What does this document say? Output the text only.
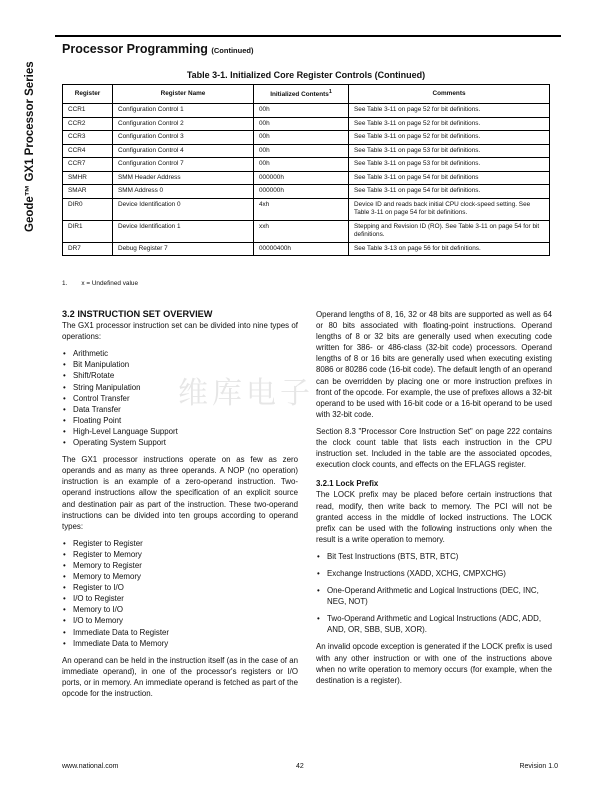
Geode™ GX1 Processor Series
Processor Programming (Continued)
Table 3-1. Initialized Core Register Controls (Continued)
Register	Register Name	Initialized Contents$^1$	Comments
CCR1	Configuration Control 1	00h	See Table 3-11 on page 52 for bit definitions.
CCR2	Configuration Control 2	00h	See Table 3-11 on page 52 for bit definitions.
CCR3	Configuration Control 3	00h	See Table 3-11 on page 52 for bit definitions.
CCR4	Configuration Control 4	00h	See Table 3-11 on page 53 for bit definitions.
CCR7	Configuration Control 7	00h	See Table 3-11 on page 53 for bit definitions.
SMHR	SMM Header Address	000000h	See Table 3-11 on page 54 for bit definitions
SMAR	SMM Address 0	000000h	See Table 3-11 on page 54 for bit definitions.
DIR0	Device Identification 0	4xh	Device ID and reads back initial CPU clock-speed setting. See Table 3-11 on page 54 for bit definitions.
DIR1	Device Identification 1	xxh	Stepping and Revision ID (RO). See Table 3-11 on page 54 for bit definitions.
DR7	Debug Register 7	00000400h	See Table 3-13 on page 56 for bit definitions.
1. x = Undefined value
维库电子
3.2 INSTRUCTION SET OVERVIEW

The GX1 processor instruction set can be divided into nine types of operations:

• Arithmetic
• Bit Manipulation
• Shift/Rotate
• String Manipulation
• Control Transfer
• Data Transfer
• Floating Point
• High-Level Language Support
• Operating System Support

The GX1 processor instructions operate on as few as zero operands and as many as three operands. A NOP (no operation) instruction is an example of a zero-operand instruction. Two-operand instructions allow the specification of an explicit source and destination pair as part of the instruction. These two-operand instructions can be divided into ten groups according to operand types:

• Register to Register
• Register to Memory
• Memory to Register
• Memory to Memory
• Register to I/O
• I/O to Register
• Memory to I/O
• I/O to Memory
• Immediate Data to Register
• Immediate Data to Memory

An operand can be held in the instruction itself (as in the case of an immediate operand), in one of the processor's registers or I/O ports, or in memory. An immediate operand is fetched as part of the opcode for the instruction.

Operand lengths of 8, 16, 32 or 48 bits are supported as well as 64 or 80 bits associated with floating-point instructions. Operand lengths of 8 or 32 bits are generally used when executing code written for 386- or 486-class (32-bit code) processors. Operand lengths of 8 or 16 bits are generally used when executing existing 8086 or 80286 code (16-bit code). The default length of an operand can be overridden by placing one or more instruction prefixes in front of the opcode. For example, the use of prefixes allows a 32-bit operand to be used with 16-bit code or a 16-bit operand to be used with 32-bit code.

Section 8.3 "Processor Core Instruction Set" on page 222 contains the clock count table that lists each instruction in the CPU instruction set. Included in the table are the associated opcodes, execution clock counts, and effects on the EFLAGS register.

3.2.1 Lock Prefix

The LOCK prefix may be placed before certain instructions that read, modify, then write back to memory. The PCI will not be granted access in the middle of locked instructions. The LOCK prefix can be used with the following instructions only when the result is a write operation to memory.

• Bit Test Instructions (BTS, BTR, BTC)
• Exchange Instructions (XADD, XCHG, CMPXCHG)
• One-Operand Arithmetic and Logical Instructions (DEC, INC, NEG, NOT)
• Two-Operand Arithmetic and Logical Instructions (ADC, ADD, AND, OR, SBB, SUB, XOR).

An invalid opcode exception is generated if the LOCK prefix is used with any other instruction or with one of the instructions above when no write operation to memory occurs (for example, when the destination is a register).

www.national.com	42	Revision 1.0
